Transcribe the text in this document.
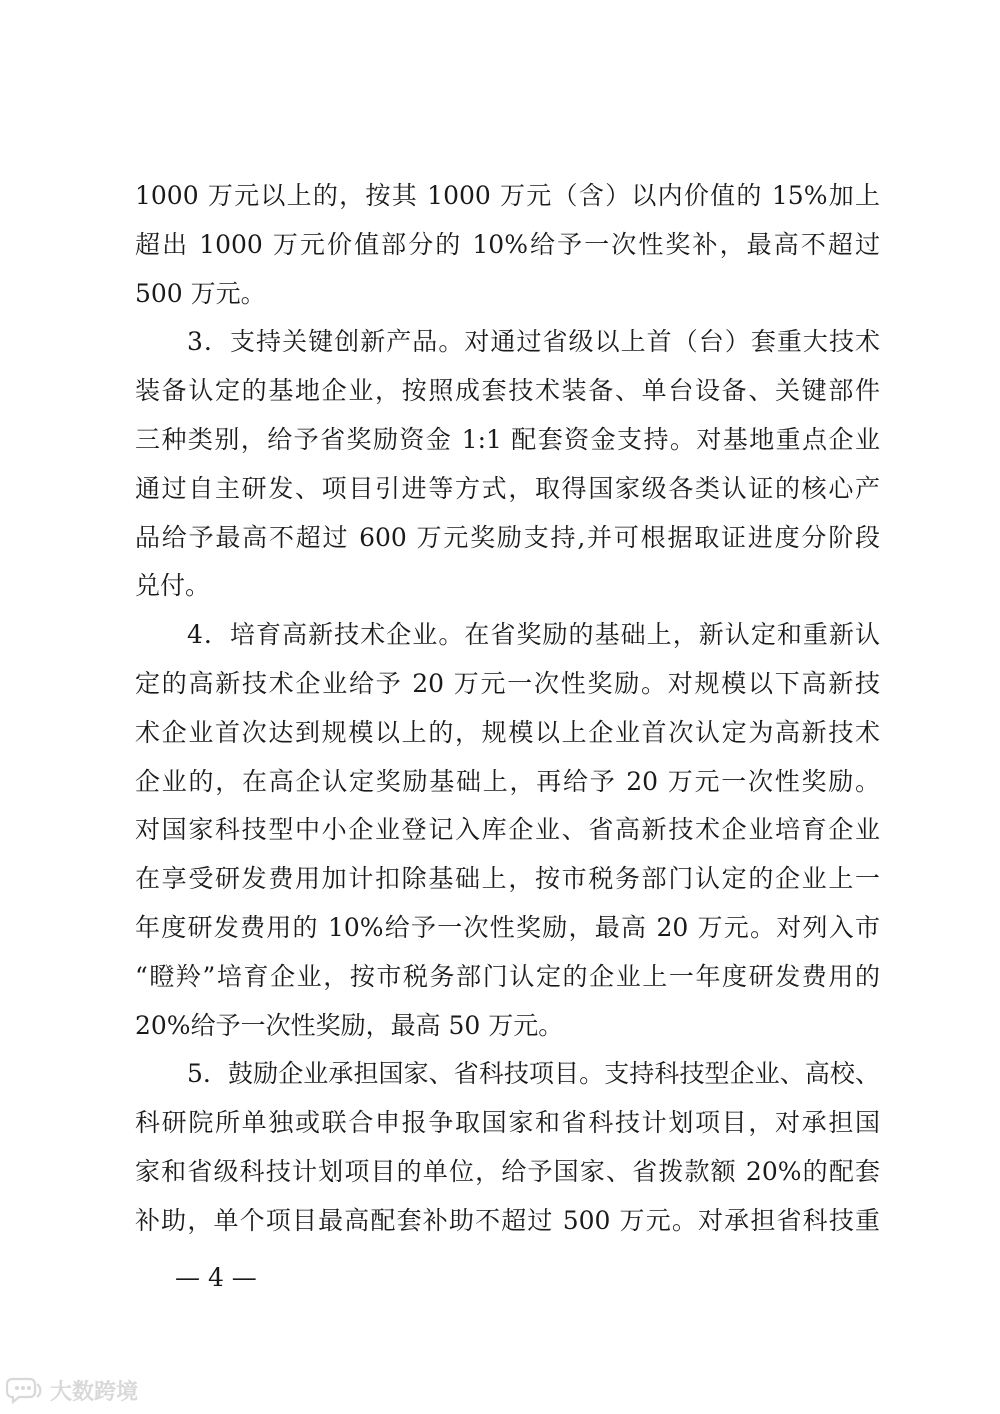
1000 万元以上的，按其 1000 万元（含）以内价值的 15%加上
超出 1000 万元价值部分的 10%给予一次性奖补，最高不超过
500 万元。
3．支持关键创新产品。对通过省级以上首（台）套重大技术
装备认定的基地企业，按照成套技术装备、单台设备、关键部件
三种类别，给予省奖励资金 1:1 配套资金支持。对基地重点企业
通过自主研发、项目引进等方式，取得国家级各类认证的核心产
品给予最高不超过 600 万元奖励支持,并可根据取证进度分阶段
兑付。
4．培育高新技术企业。在省奖励的基础上，新认定和重新认
定的高新技术企业给予 20 万元一次性奖励。对规模以下高新技
术企业首次达到规模以上的，规模以上企业首次认定为高新技术
企业的，在高企认定奖励基础上，再给予 20 万元一次性奖励。
对国家科技型中小企业登记入库企业、省高新技术企业培育企业
在享受研发费用加计扣除基础上，按市税务部门认定的企业上一
年度研发费用的 10%给予一次性奖励，最高 20 万元。对列入市
“瞪羚”培育企业，按市税务部门认定的企业上一年度研发费用的
20%给予一次性奖励，最高 50 万元。
5．鼓励企业承担国家、省科技项目。支持科技型企业、高校、
科研院所单独或联合申报争取国家和省科技计划项目，对承担国
家和省级科技计划项目的单位，给予国家、省拨款额 20%的配套
补助，单个项目最高配套补助不超过 500 万元。对承担省科技重
— 4 —
大数跨境
